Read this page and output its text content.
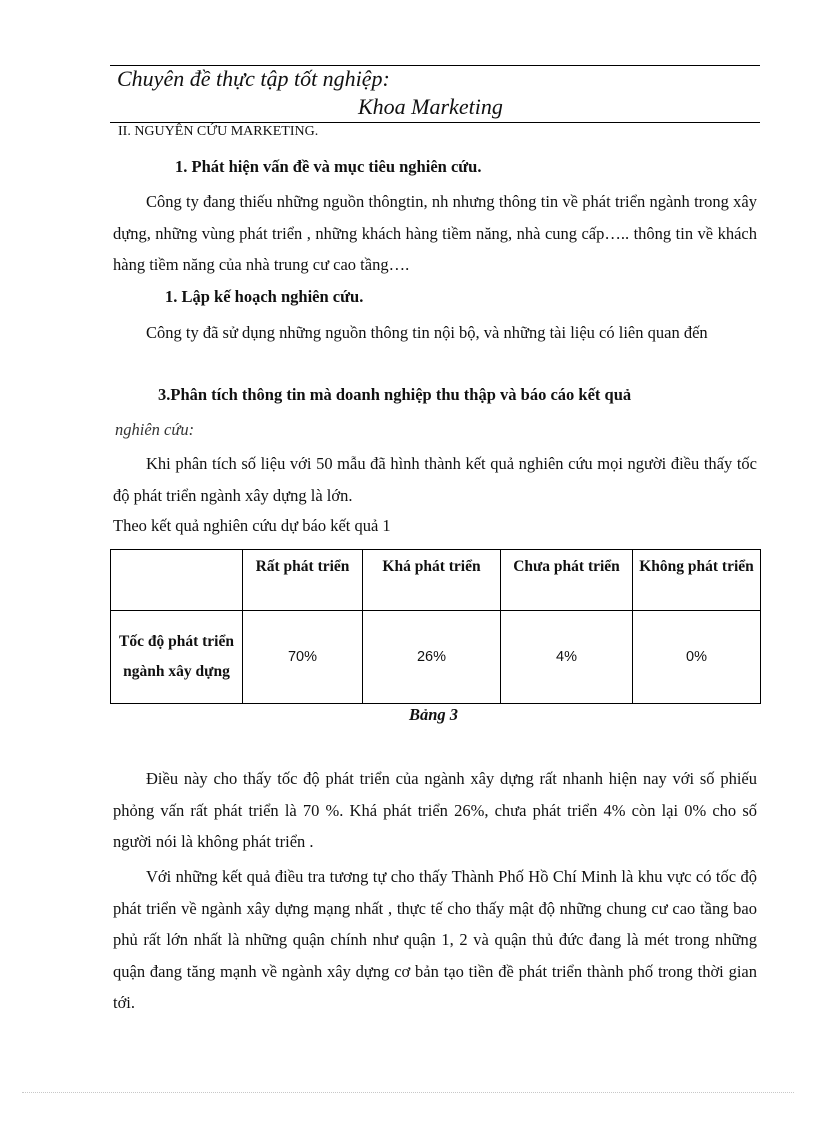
Chuyên đề thực tập tốt nghiệp:
Khoa Marketing
II. NGUYÊN CỨU MARKETING.
1. Phát hiện vấn đề và mục tiêu nghiên cứu.
Công ty đang thiếu những nguồn thôngtin, nh nhưng thông tin về phát triển ngành trong xây dựng, những vùng phát triển , những khách hàng tiềm năng, nhà cung cấp….. thông tin về khách hàng tiềm năng của nhà trung cư cao tầng….
1. Lập kế hoạch nghiên cứu.
Công ty đã sử dụng những nguồn thông tin nội bộ, và những tài liệu có liên quan đến
3.Phân tích thông tin mà doanh nghiệp thu thập và báo cáo kết quả
nghiên cứu:
Khi phân tích số liệu với 50 mẫu đã hình thành kết quả nghiên cứu mọi người điều thấy tốc độ phát triển ngành xây dựng là lớn.
Theo kết quả nghiên cứu dự báo kết quả 1
	Rất phát triển	Khá phát triển	Chưa phát triển	Không phát triển
Tốc độ phát triển ngành xây dựng	70%	26%	4%	0%
Bảng 3
Điều này cho thấy tốc độ phát triển của ngành xây dựng rất nhanh hiện nay với số phiếu phỏng vấn rất phát triển là 70 %. Khá phát triển 26%, chưa phát triển 4% còn lại 0% cho số người nói là không phát triển .
Với những kết quả điều tra tương tự cho thấy Thành Phố Hồ Chí Minh là khu vực có tốc độ phát triển về ngành xây dựng mạng nhất , thực tế cho thấy mật độ những chung cư cao tầng bao phủ rất lớn nhất là những quận chính như quận 1, 2 và quận thủ đức đang là mét trong những quận đang tăng mạnh về ngành xây dựng cơ bản tạo tiền đề phát triển thành phố trong thời gian tới.
